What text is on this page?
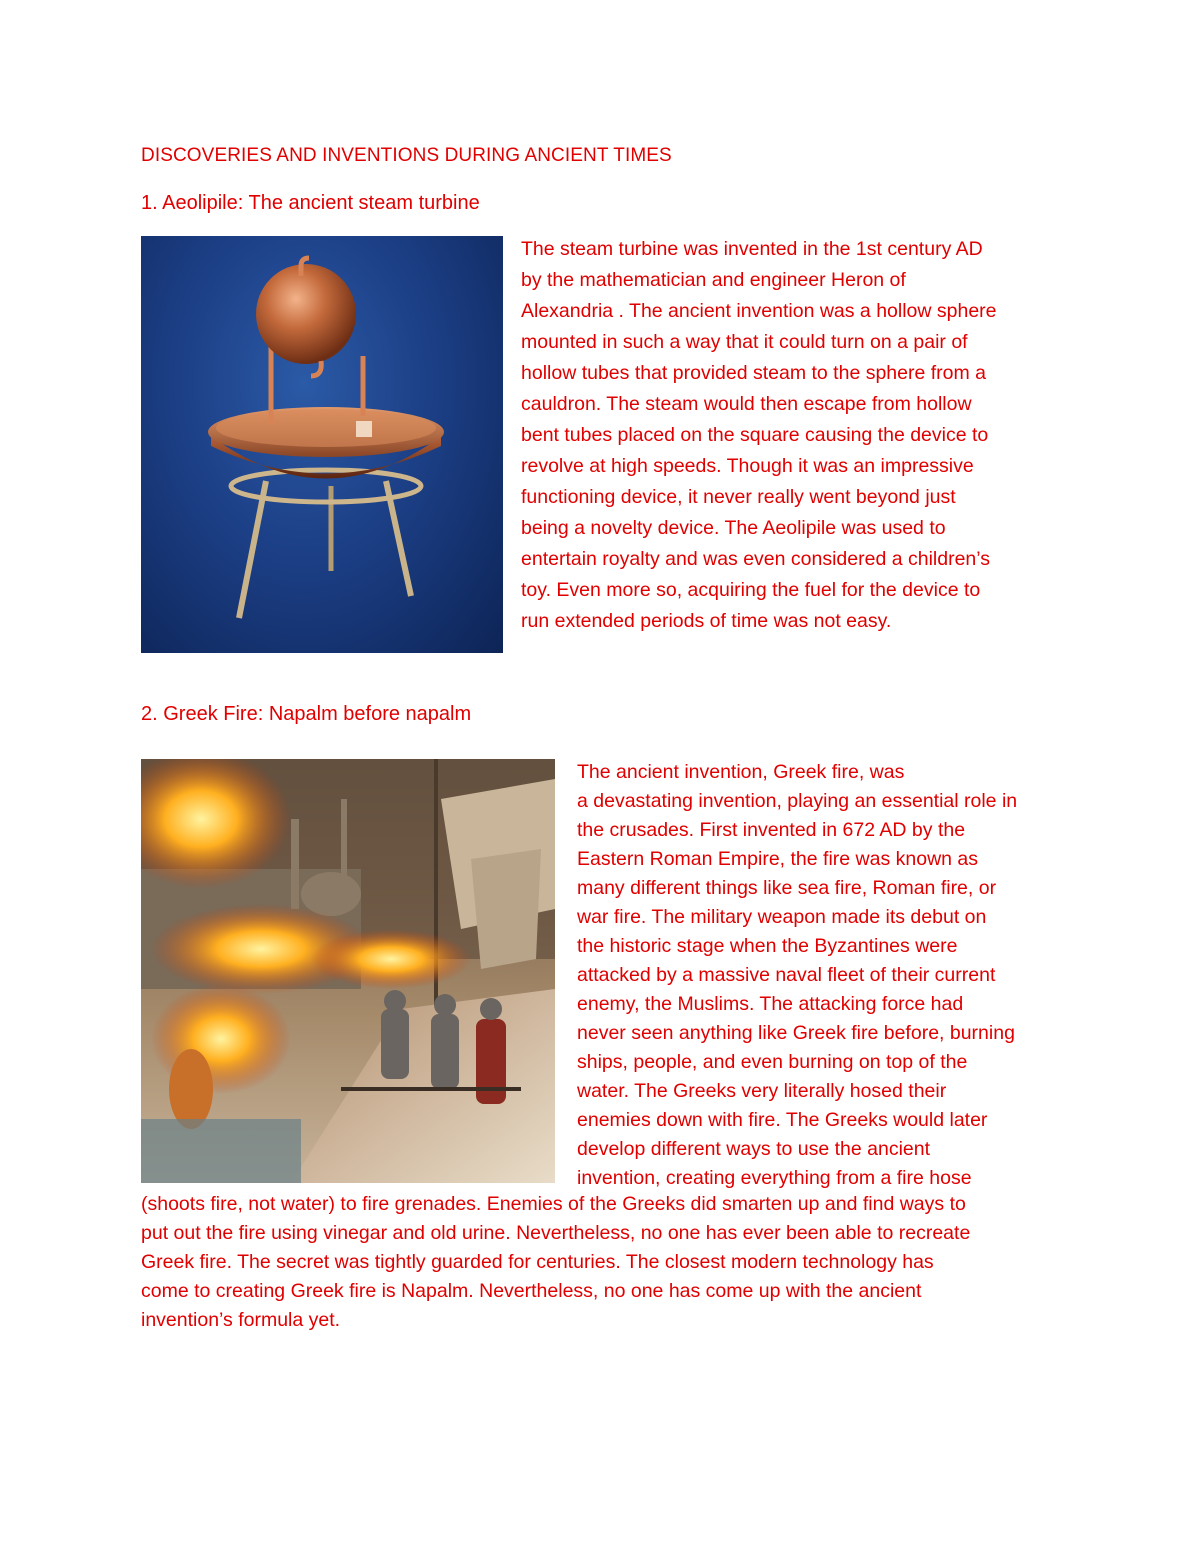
DISCOVERIES AND INVENTIONS DURING ANCIENT TIMES
1. Aeolipile: The ancient steam turbine
The steam turbine was invented in the 1st century AD
by the mathematician and engineer Heron of
Alexandria . The ancient invention was a hollow sphere
mounted in such a way that it could turn on a pair of
hollow tubes that provided steam to the sphere from a
cauldron. The steam would then escape from hollow
bent tubes placed on the square causing the device to
revolve at high speeds. Though it was an impressive
functioning device, it never really went beyond just
being a novelty device. The Aeolipile was used to
entertain royalty and was even considered a children’s
toy. Even more so, acquiring the fuel for the device to
run extended periods of time was not easy.
2. Greek Fire: Napalm before napalm
The ancient invention, Greek fire, was
a devastating invention, playing an essential role in
the crusades. First invented in 672 AD by the
Eastern Roman Empire, the fire was known as
many different things like sea fire, Roman fire, or
war fire. The military weapon made its debut on
the historic stage when the Byzantines were
attacked by a massive naval fleet of their current
enemy, the Muslims. The attacking force had
never seen anything like Greek fire before, burning
ships, people, and even burning on top of the
water. The Greeks very literally hosed their
enemies down with fire. The Greeks would later
develop different ways to use the ancient
invention, creating everything from a fire hose
(shoots fire, not water) to fire grenades. Enemies of the Greeks did smarten up and find ways to
put out the fire using vinegar and old urine. Nevertheless, no one has ever been able to recreate
Greek fire. The secret was tightly guarded for centuries. The closest modern technology has
come to creating Greek fire is Napalm. Nevertheless, no one has come up with the ancient
invention’s formula yet.
